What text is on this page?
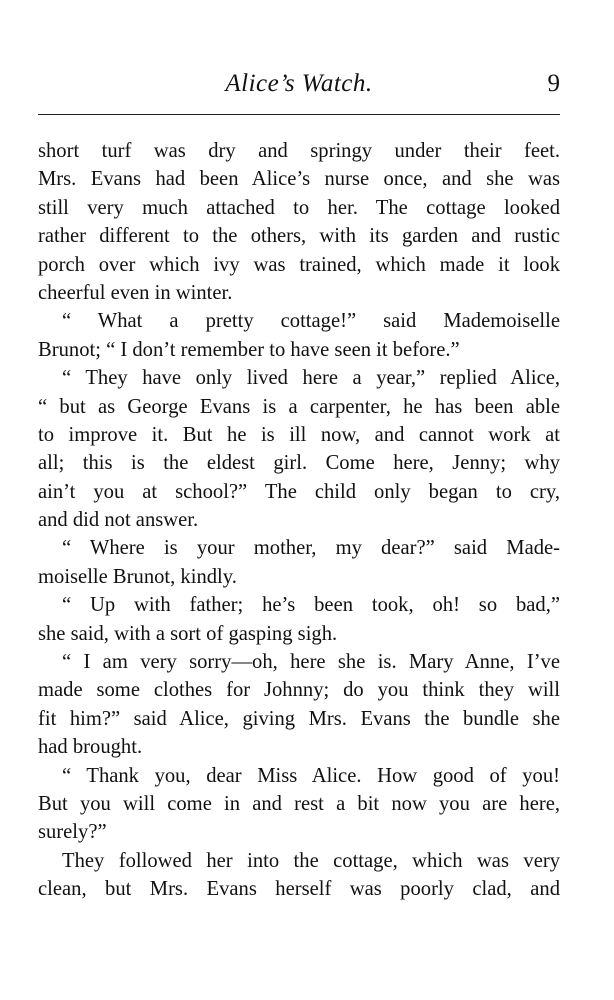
Alice’s Watch.	9
short turf was dry and springy under their feet.
Mrs. Evans had been Alice’s nurse once, and she was
still very much attached to her. The cottage looked
rather different to the others, with its garden and rustic
porch over which ivy was trained, which made it look
cheerful even in winter.
“ What a pretty cottage!” said Mademoiselle
Brunot; “ I don’t remember to have seen it before.”
“ They have only lived here a year,” replied Alice,
“ but as George Evans is a carpenter, he has been able
to improve it. But he is ill now, and cannot work at
all; this is the eldest girl. Come here, Jenny; why
ain’t you at school?” The child only began to cry,
and did not answer.
“ Where is your mother, my dear?” said Made-
moiselle Brunot, kindly.
“ Up with father; he’s been took, oh! so bad,”
she said, with a sort of gasping sigh.
“ I am very sorry—oh, here she is. Mary Anne, I’ve
made some clothes for Johnny; do you think they will
fit him?” said Alice, giving Mrs. Evans the bundle she
had brought.
“ Thank you, dear Miss Alice. How good of you!
But you will come in and rest a bit now you are here,
surely?”
They followed her into the cottage, which was very
clean, but Mrs. Evans herself was poorly clad, and
